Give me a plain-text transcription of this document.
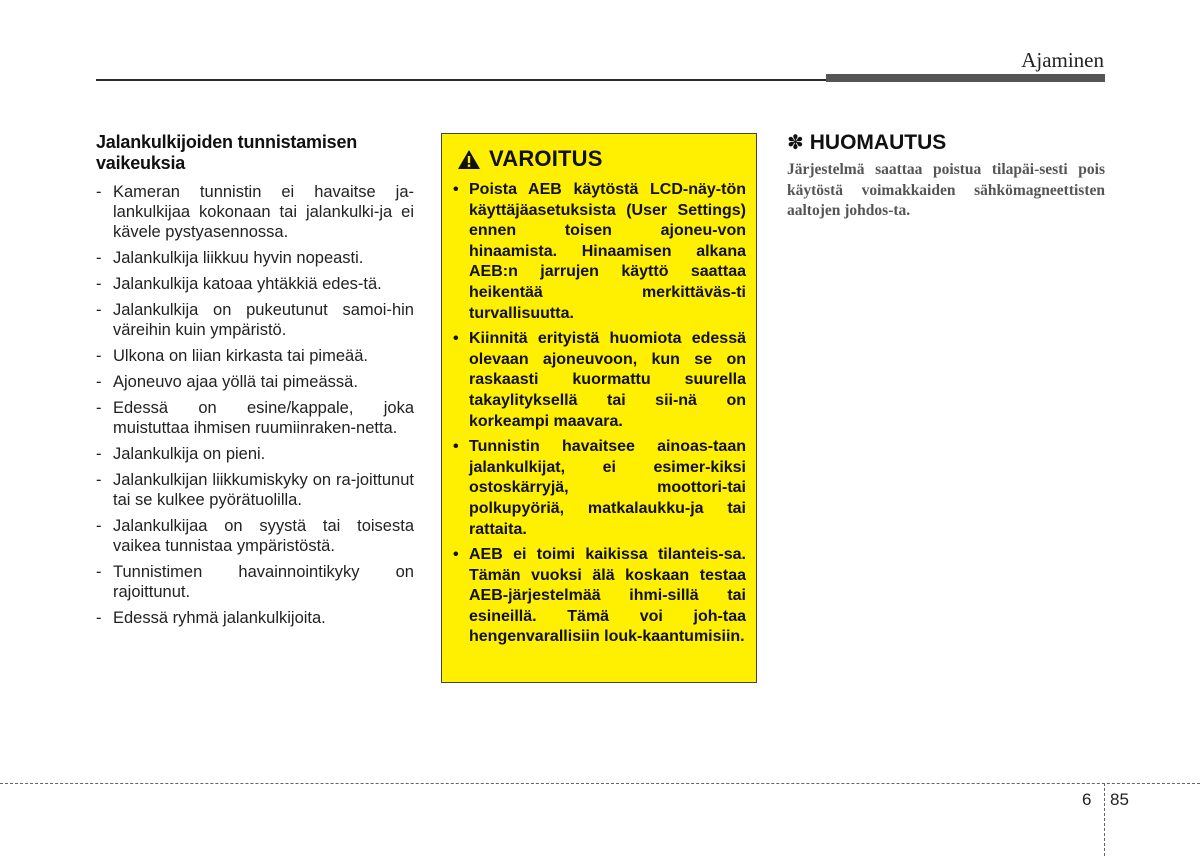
Ajaminen
Jalankulkijoiden tunnistamisen vaikeuksia
- Kameran tunnistin ei havaitse ja-lankulkijaa kokonaan tai jalankulki-ja ei kävele pystyasennossa.
- Jalankulkija liikkuu hyvin nopeasti.
- Jalankulkija katoaa yhtäkkiä edes-tä.
- Jalankulkija on pukeutunut samoi-hin väreihin kuin ympäristö.
- Ulkona on liian kirkasta tai pimeää.
- Ajoneuvo ajaa yöllä tai pimeässä.
- Edessä on esine/kappale, joka muistuttaa ihmisen ruumiinraken-netta.
- Jalankulkija on pieni.
- Jalankulkijan liikkumiskyky on ra-joittunut tai se kulkee pyörätuolilla.
- Jalankulkijaa on syystä tai toisesta vaikea tunnistaa ympäristöstä.
- Tunnistimen havainnointikyky on rajoittunut.
- Edessä ryhmä jalankulkijoita.
VAROITUS
• Poista AEB käytöstä LCD-näy-tön käyttäjäasetuksista (User Settings) ennen toisen ajoneu-von hinaamista. Hinaamisen alkana AEB:n jarrujen käyttö saattaa heikentää merkittäväs-ti turvallisuutta.
• Kiinnitä erityistä huomiota edessä olevaan ajoneuvoon, kun se on raskaasti kuormattu suurella takaylityksellä tai sii-nä on korkeampi maavara.
• Tunnistin havaitsee ainoas-taan jalankulkijat, ei esimer-kiksi ostoskärryjä, moottori-tai polkupyöriä, matkalaukku-ja tai rattaita.
• AEB ei toimi kaikissa tilanteis-sa. Tämän vuoksi älä koskaan testaa AEB-järjestelmää ihmi-sillä tai esineillä. Tämä voi joh-taa hengenvarallisiin louk-kaantumisiin.
✽ HUOMAUTUS

Järjestelmä saattaa poistua tilapäi-sesti pois käytöstä voimakkaiden sähkömagneettisten aaltojen johdos-ta.

6 85
